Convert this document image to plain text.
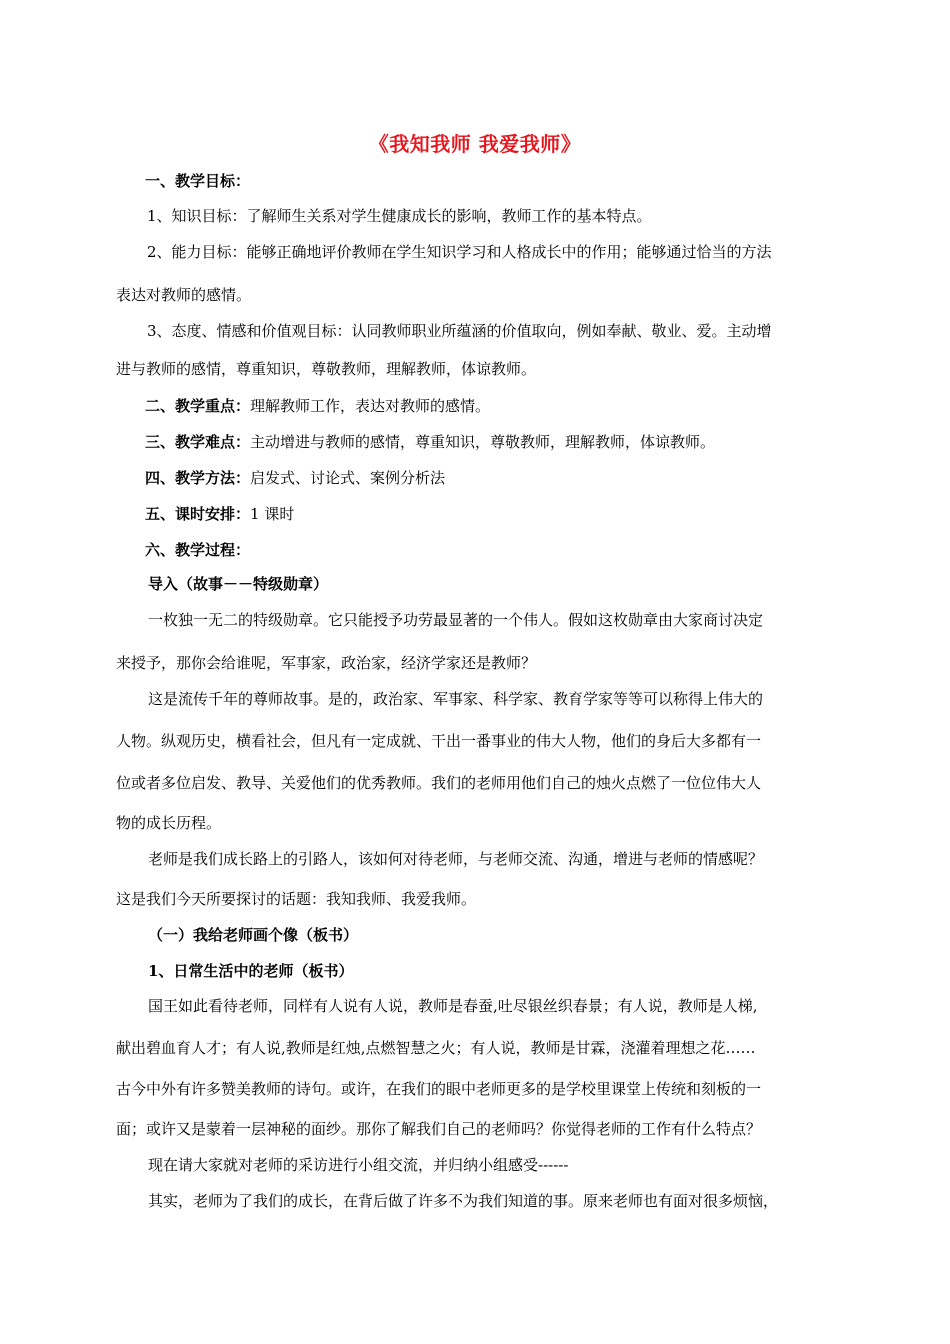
《我知我师 我爱我师》
一、教学目标：
1、知识目标：了解师生关系对学生健康成长的影响，教师工作的基本特点。
2、能力目标：能够正确地评价教师在学生知识学习和人格成长中的作用；能够通过恰当的方法
表达对教师的感情。
3、态度、情感和价值观目标：认同教师职业所蕴涵的价值取向，例如奉献、敬业、爱。主动增
进与教师的感情，尊重知识，尊敬教师，理解教师，体谅教师。
二、教学重点：理解教师工作，表达对教师的感情。
三、教学难点：主动增进与教师的感情，尊重知识，尊敬教师，理解教师，体谅教师。
四、教学方法：启发式、讨论式、案例分析法
五、课时安排：1 课时
六、教学过程：
导入（故事－－特级勋章）
一枚独一无二的特级勋章。它只能授予功劳最显著的一个伟人。假如这枚勋章由大家商讨决定
来授予，那你会给谁呢，军事家，政治家，经济学家还是教师？
这是流传千年的尊师故事。是的，政治家、军事家、科学家、教育学家等等可以称得上伟大的
人物。纵观历史，横看社会，但凡有一定成就、干出一番事业的伟大人物，他们的身后大多都有一
位或者多位启发、教导、关爱他们的优秀教师。我们的老师用他们自己的烛火点燃了一位位伟大人
物的成长历程。
老师是我们成长路上的引路人，该如何对待老师，与老师交流、沟通，增进与老师的情感呢？
这是我们今天所要探讨的话题：我知我师、我爱我师。
（一）我给老师画个像（板书）
1、日常生活中的老师（板书）
国王如此看待老师，同样有人说有人说，教师是春蚕,吐尽银丝织春景；有人说，教师是人梯,
献出碧血育人才；有人说,教师是红烛,点燃智慧之火；有人说，教师是甘霖，浇灌着理想之花……
古今中外有许多赞美教师的诗句。或许，在我们的眼中老师更多的是学校里课堂上传统和刻板的一
面；或许又是蒙着一层神秘的面纱。那你了解我们自己的老师吗？你觉得老师的工作有什么特点？
现在请大家就对老师的采访进行小组交流，并归纳小组感受------
其实，老师为了我们的成长，在背后做了许多不为我们知道的事。原来老师也有面对很多烦恼，
